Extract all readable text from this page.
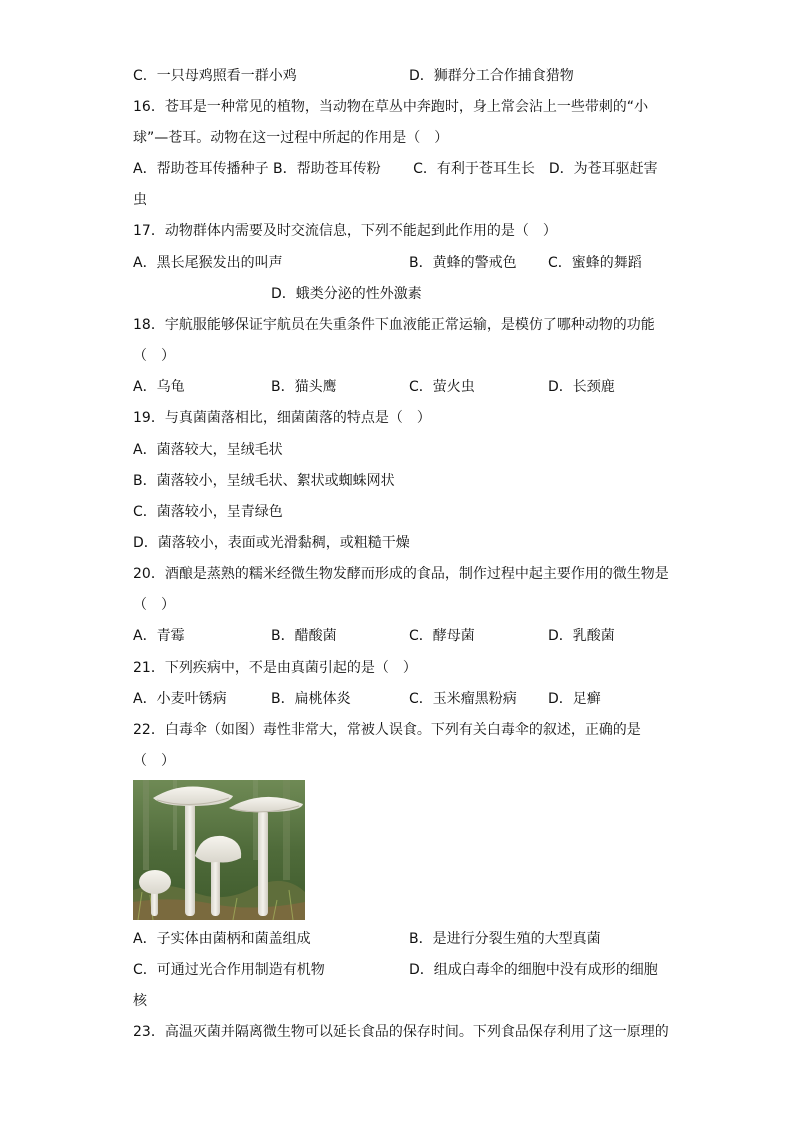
C．一只母鸡照看一群小鸡	D．狮群分工合作捕食猎物
16．苍耳是一种常见的植物，当动物在草丛中奔跑时，身上常会沾上一些带刺的“小
球”—苍耳。动物在这一过程中所起的作用是（　）
A．帮助苍耳传播种子 B．帮助苍耳传粉　　 C．有利于苍耳生长　D．为苍耳驱赶害
虫
17．动物群体内需要及时交流信息，下列不能起到此作用的是（　）
A．黑长尾猴发出的叫声	B．黄蜂的警戒色 C．蜜蜂的舞蹈
D．蛾类分泌的性外激素
18．宇航服能够保证宇航员在失重条件下血液能正常运输，是模仿了哪种动物的功能
（　）
A．乌龟	B．猫头鹰	C．萤火虫	D．长颈鹿
19．与真菌菌落相比，细菌菌落的特点是（　）
A．菌落较大，呈绒毛状
B．菌落较小，呈绒毛状、絮状或蜘蛛网状
C．菌落较小，呈青绿色
D．菌落较小，表面或光滑黏稠，或粗糙干燥
20．酒酿是蒸熟的糯米经微生物发酵而形成的食品，制作过程中起主要作用的微生物是
（　）
A．青霉	B．醋酸菌	C．酵母菌	D．乳酸菌
21．下列疾病中，不是由真菌引起的是（　）
A．小麦叶锈病	B．扁桃体炎	C．玉米瘤黑粉病 D．足癣
22．白毒伞（如图）毒性非常大，常被人误食。下列有关白毒伞的叙述，正确的是
（　）
A．子实体由菌柄和菌盖组成	B．是进行分裂生殖的大型真菌
C．可通过光合作用制造有机物	D．组成白毒伞的细胞中没有成形的细胞
核
23．高温灭菌并隔离微生物可以延长食品的保存时间。下列食品保存利用了这一原理的
